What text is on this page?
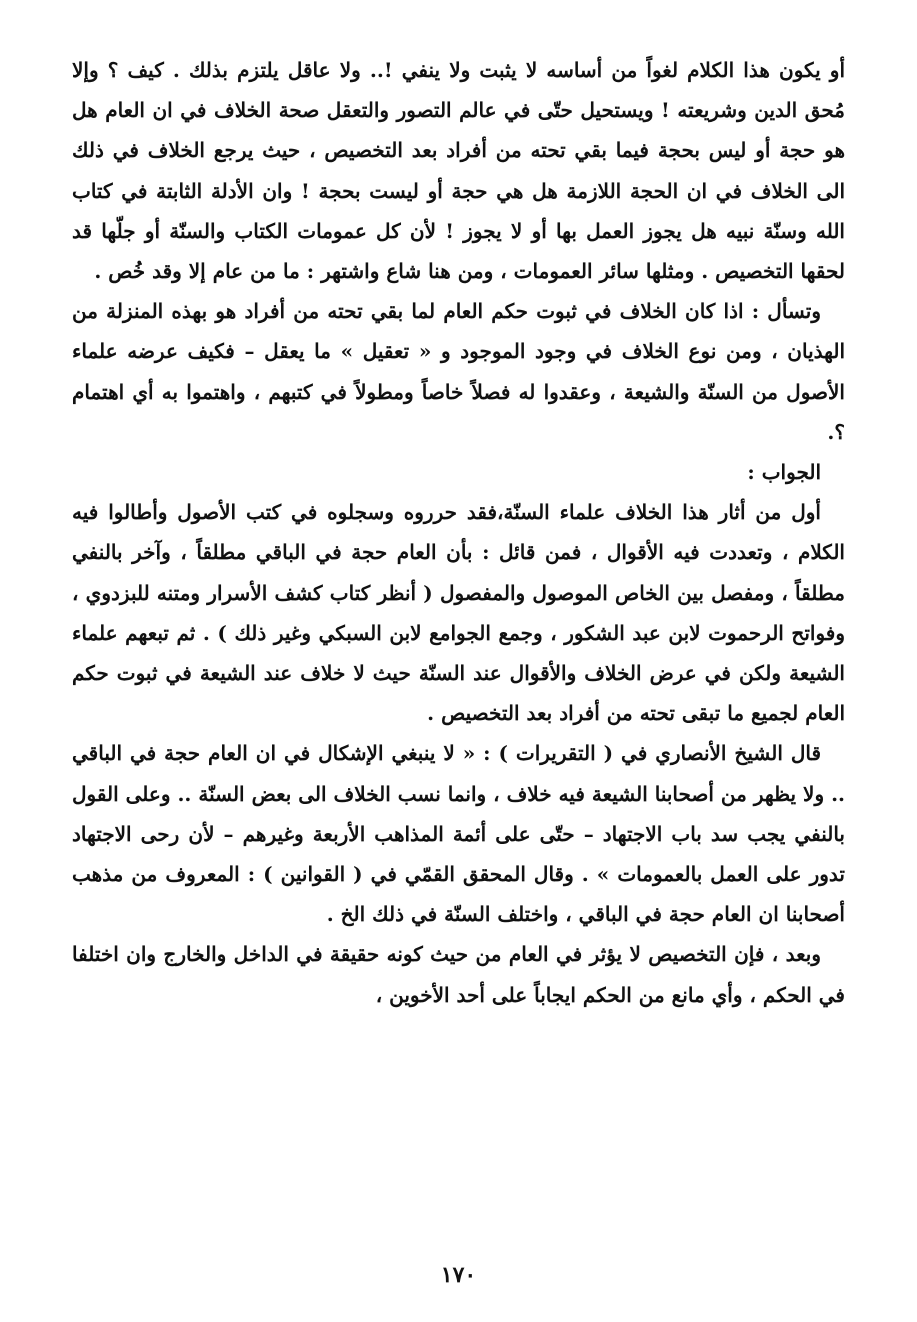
أو يكون هذا الكلام لغواً من أساسه لا يثبت ولا ينفي !.. ولا عاقل يلتزم بذلك . كيف ؟ وإلا مُحق الدين وشريعته ! ويستحيل حتّى في عالم التصور والتعقل صحة الخلاف في ان العام هل هو حجة أو ليس بحجة فيما بقي تحته من أفراد بعد التخصيص ، حيث يرجع الخلاف في ذلك الى الخلاف في ان الحجة اللازمة هل هي حجة أو ليست بحجة ! وان الأدلة الثابتة في كتاب الله وسنّة نبيه هل يجوز العمل بها أو لا يجوز ! لأن كل عمومات الكتاب والسنّة أو جلّها قد لحقها التخصيص . ومثلها سائر العمومات ، ومن هنا شاع واشتهر : ما من عام إلا وقد خُص .

وتسأل : اذا كان الخلاف في ثبوت حكم العام لما بقي تحته من أفراد هو بهذه المنزلة من الهذيان ، ومن نوع الخلاف في وجود الموجود و « تعقيل » ما يعقل – فكيف عرضه علماء الأصول من السنّة والشيعة ، وعقدوا له فصلاً خاصاً ومطولاً في كتبهم ، واهتموا به أي اهتمام ؟.

الجواب :

أول من أثار هذا الخلاف علماء السنّة،فقد حرروه وسجلوه في كتب الأصول وأطالوا فيه الكلام ، وتعددت فيه الأقوال ، فمن قائل : بأن العام حجة في الباقي مطلقاً ، وآخر بالنفي مطلقاً ، ومفصل بين الخاص الموصول والمفصول ( أنظر كتاب كشف الأسرار ومتنه للبزدوي ، وفواتح الرحموت لابن عبد الشكور ، وجمع الجوامع لابن السبكي وغير ذلك ) . ثم تبعهم علماء الشيعة ولكن في عرض الخلاف والأقوال عند السنّة حيث لا خلاف عند الشيعة في ثبوت حكم العام لجميع ما تبقى تحته من أفراد بعد التخصيص .

قال الشيخ الأنصاري في ( التقريرات ) : « لا ينبغي الإشكال في ان العام حجة في الباقي .. ولا يظهر من أصحابنا الشيعة فيه خلاف ، وانما نسب الخلاف الى بعض السنّة .. وعلى القول بالنفي يجب سد باب الاجتهاد – حتّى على أئمة المذاهب الأربعة وغيرهم – لأن رحى الاجتهاد تدور على العمل بالعمومات » . وقال المحقق القمّي في ( القوانين ) : المعروف من مذهب أصحابنا ان العام حجة في الباقي ، واختلف السنّة في ذلك الخ .

وبعد ، فإن التخصيص لا يؤثر في العام من حيث كونه حقيقة في الداخل والخارج وان اختلفا في الحكم ، وأي مانع من الحكم ايجاباً على أحد الأخوين ،

١٧٠
